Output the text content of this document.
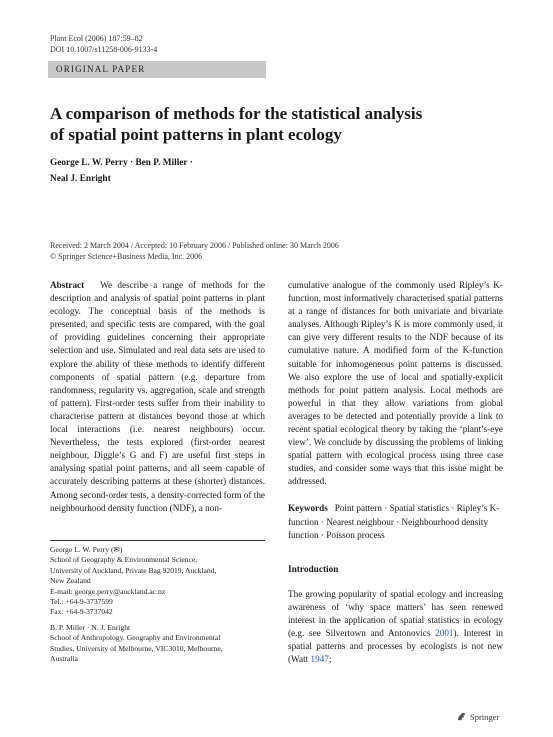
Plant Ecol (2006) 187:59–82
DOI 10.1007/s11258-006-9133-4
ORIGINAL PAPER
A comparison of methods for the statistical analysis
of spatial point patterns in plant ecology
George L. W. Perry · Ben P. Miller ·
Neal J. Enright
Received: 2 March 2004 / Accepted: 10 February 2006 / Published online: 30 March 2006
© Springer Science+Business Media, Inc. 2006
Abstract We describe a range of methods for the description and analysis of spatial point patterns in plant ecology. The conceptual basis of the methods is presented, and specific tests are compared, with the goal of providing guidelines concerning their appropriate selection and use. Simulated and real data sets are used to explore the ability of these methods to identify different components of spatial pattern (e.g. departure from randomness, regularity vs. aggregation, scale and strength of pattern). First-order tests suffer from their inability to characterise pattern at distances beyond those at which local interactions (i.e. nearest neighbours) occur. Nevertheless, the tests explored (first-order nearest neighbour, Diggle’s G and F) are useful first steps in analysing spatial point patterns, and all seem capable of accurately describing patterns at these (shorter) distances. Among second-order tests, a density-corrected form of the neighbourhood density function (NDF), a non-
cumulative analogue of the commonly used Ripley’s K-function, most informatively characterised spatial patterns at a range of distances for both univariate and bivariate analyses. Although Ripley’s K is more commonly used, it can give very different results to the NDF because of its cumulative nature. A modified form of the K-function suitable for inhomogeneous point patterns is discussed. We also explore the use of local and spatially-explicit methods for point pattern analysis. Local methods are powerful in that they allow variations from global averages to be detected and potentially provide a link to recent spatial ecological theory by taking the ‘plant’s-eye view’. We conclude by discussing the problems of linking spatial pattern with ecological process using three case studies, and consider some ways that this issue might be addressed.
Keywords Point pattern · Spatial statistics · Ripley’s K-function · Nearest neighbour · Neighbourhood density function · Poisson process
George L. W. Perry (✉)
School of Geography & Environmental Science,
University of Auckland, Private Bag 92019, Auckland,
New Zealand
E-mail: george.perry@auckland.ac.nz
Tel.: +64-9-3737599
Fax: +64-9-3737042
B. P. Miller · N. J. Enright
School of Anthropology, Geography and Environmental
Studies, University of Melbourne, VIC3010, Melbourne,
Australia
Introduction
The growing popularity of spatial ecology and increasing awareness of ‘why space matters’ has seen renewed interest in the application of spatial statistics in ecology (e.g. see Silvertown and Antonovics 2001). Interest in spatial patterns and processes by ecologists is not new (Watt 1947;
Springer
